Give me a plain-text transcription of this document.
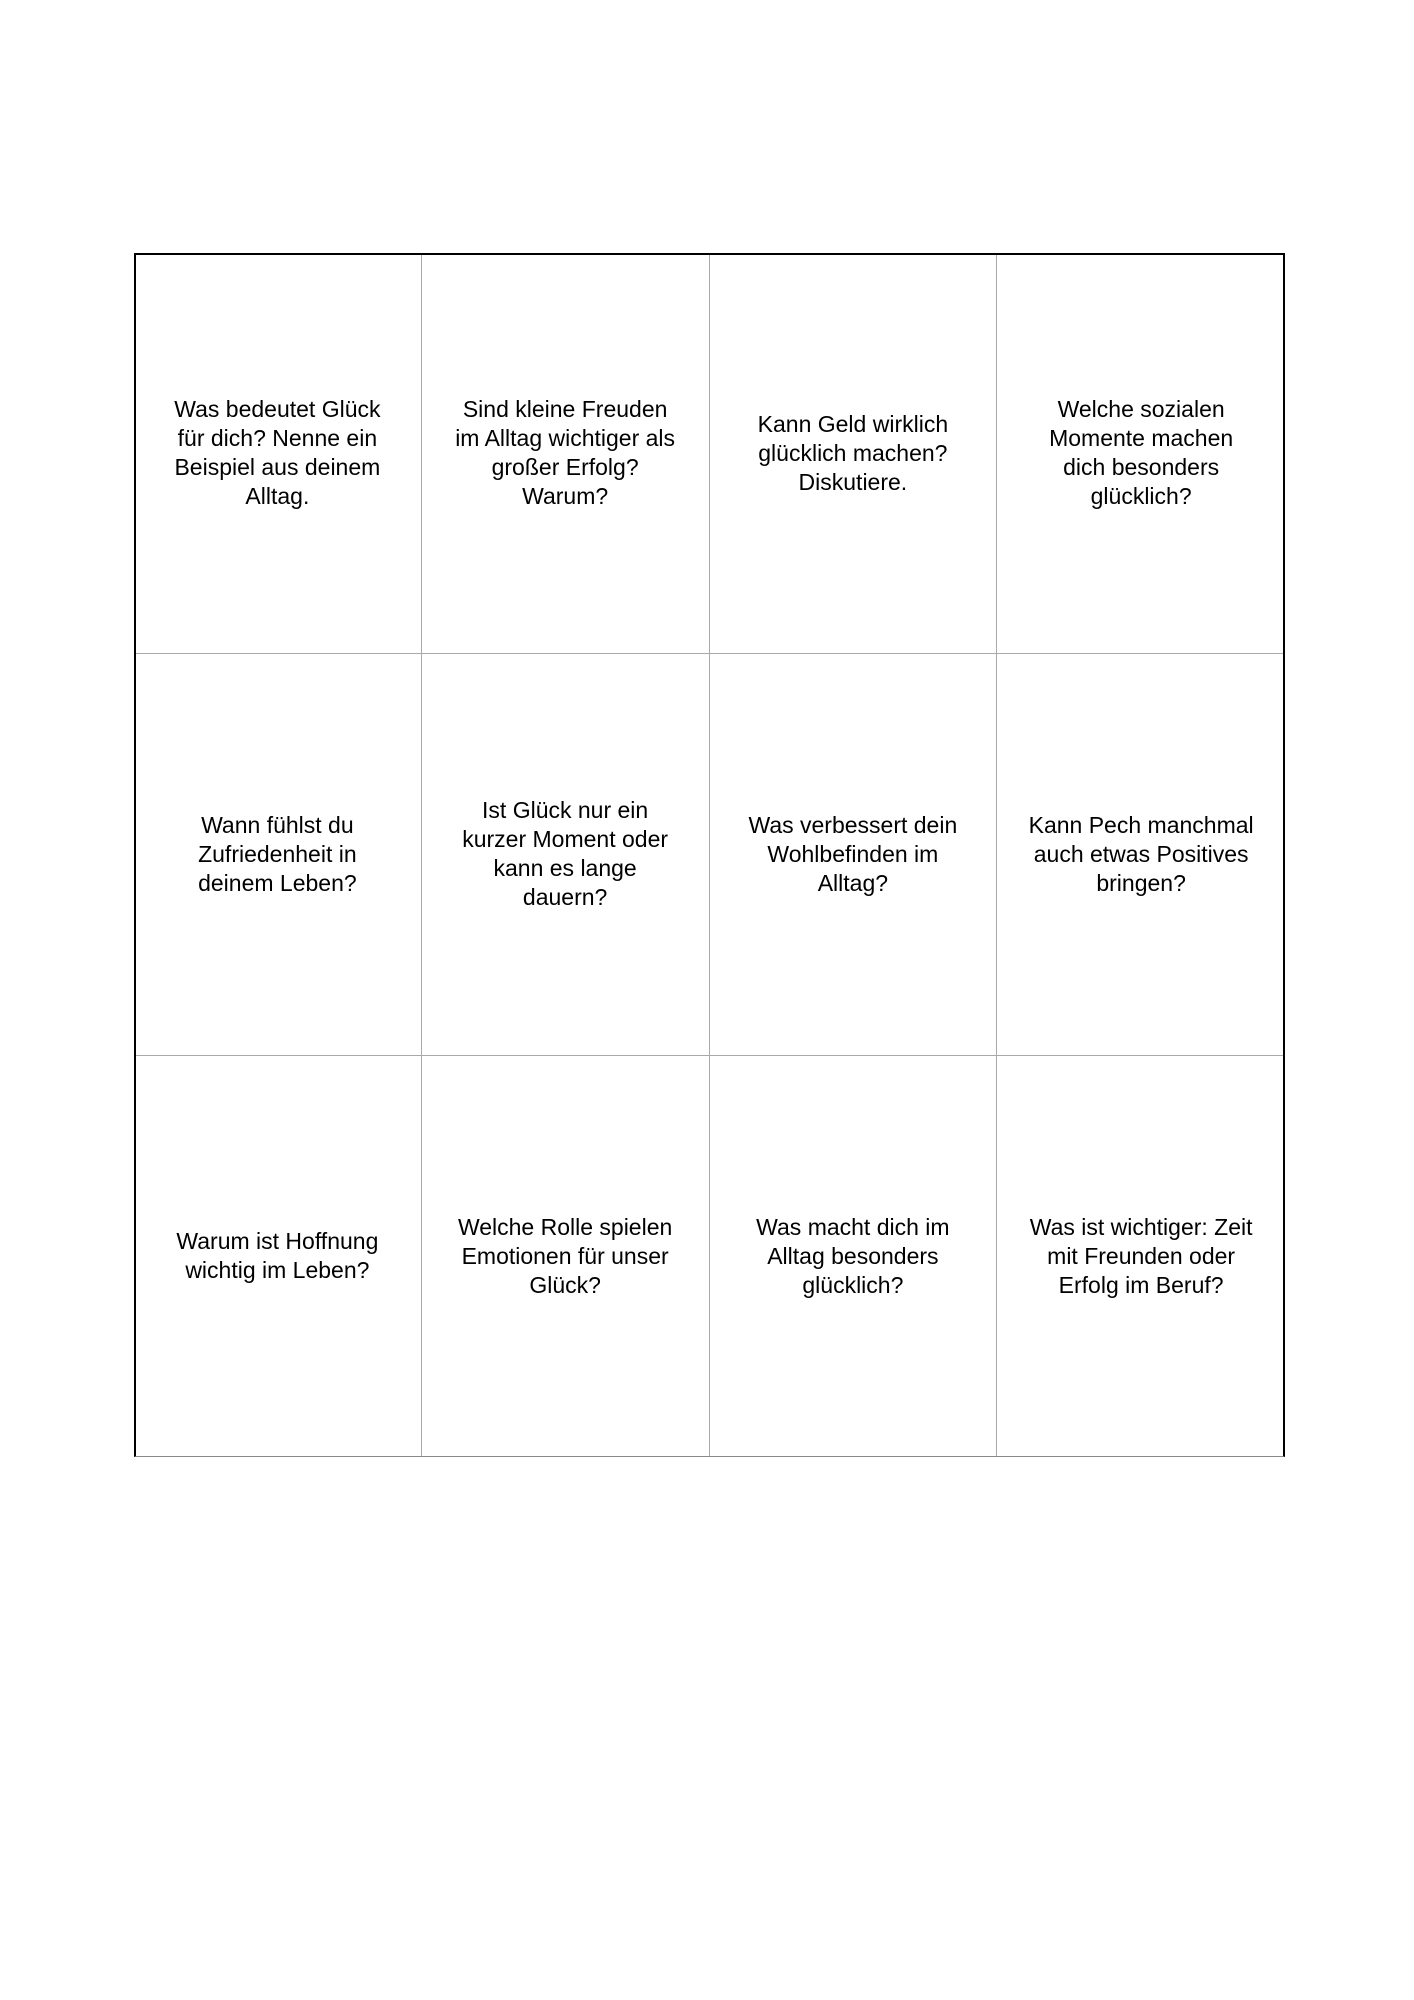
Was bedeutet Glück
für dich? Nenne ein
Beispiel aus deinem
Alltag.
Sind kleine Freuden
im Alltag wichtiger als
großer Erfolg?
Warum?
Kann Geld wirklich
glücklich machen?
Diskutiere.
Welche sozialen
Momente machen
dich besonders
glücklich?
Wann fühlst du
Zufriedenheit in
deinem Leben?
Ist Glück nur ein
kurzer Moment oder
kann es lange
dauern?
Was verbessert dein
Wohlbefinden im
Alltag?
Kann Pech manchmal
auch etwas Positives
bringen?
Warum ist Hoffnung
wichtig im Leben?
Welche Rolle spielen
Emotionen für unser
Glück?
Was macht dich im
Alltag besonders
glücklich?
Was ist wichtiger: Zeit
mit Freunden oder
Erfolg im Beruf?
